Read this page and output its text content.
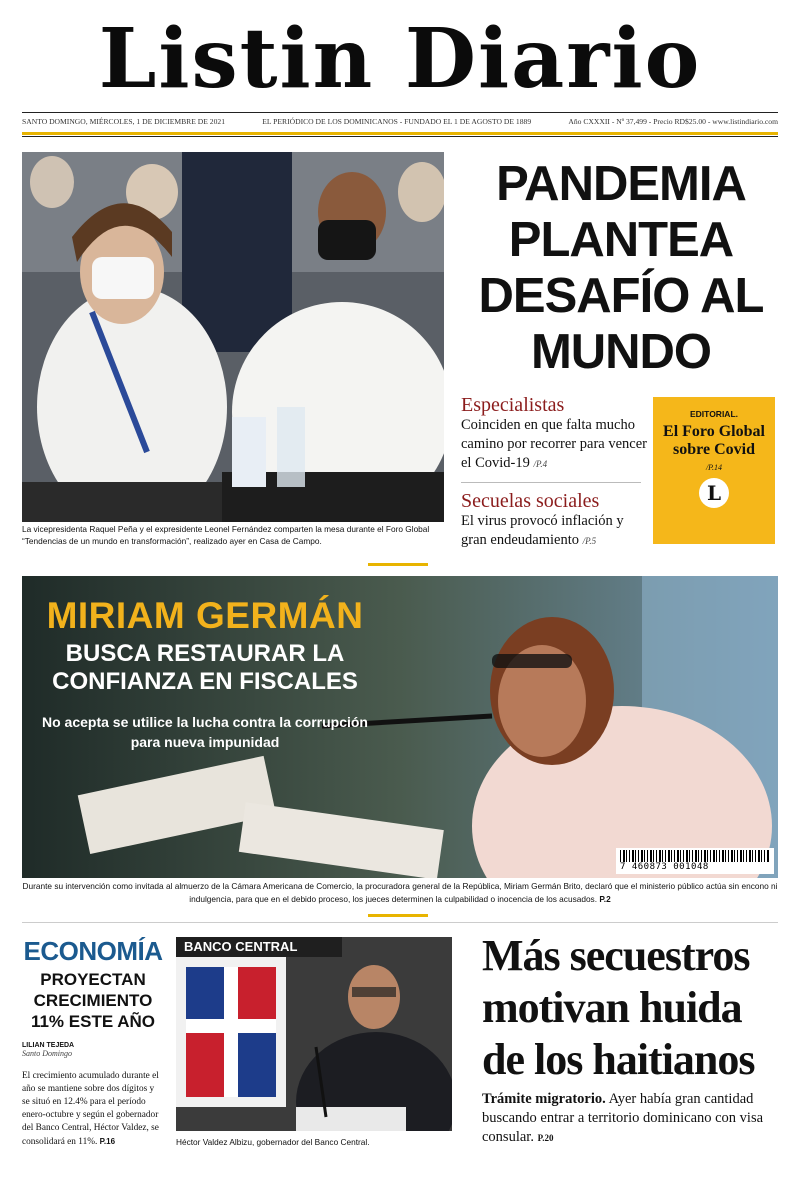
Listin Diario
SANTO DOMINGO, MIÉRCOLES, 1 DE DICIEMBRE DE 2021	EL PERIÓDICO DE LOS DOMINICANOS - FUNDADO EL 1 DE AGOSTO DE 1889	Año CXXXII - Nº 37,499 - Precio RD$25.00 - www.listindiario.com
La vicepresidenta Raquel Peña y el expresidente Leonel Fernández comparten la mesa durante el Foro Global “Tendencias de un mundo en transformación”, realizado ayer en Casa de Campo.
PANDEMIA PLANTEA DESAFÍO AL MUNDO
Especialistas
Coinciden en que falta mucho camino por recorrer para vencer el Covid-19 /P.4
Secuelas sociales
El virus provocó inflación y gran endeudamiento /P.5
EDITORIAL.
El Foro Global sobre Covid
/P.14
L
MIRIAM GERMÁN
BUSCA RESTAURAR LA CONFIANZA EN FISCALES
No acepta se utilice la lucha contra la corrupción para nueva impunidad
7 460873 001048
Durante su intervención como invitada al almuerzo de la Cámara Americana de Comercio, la procuradora general de la República, Miriam Germán Brito, declaró que el ministerio público actúa sin encono ni indulgencia, para que en el debido proceso, los jueces determinen la culpabilidad o inocencia de los acusados. P.2
ECONOMÍA
PROYECTAN CRECIMIENTO 11% ESTE AÑO
LILIAN TEJEDA
Santo Domingo
El crecimiento acumulado durante el año se mantiene sobre dos dígitos y se situó en 12.4% para el período enero-octubre y según el gobernador del Banco Central, Héctor Valdez, se consolidará en 11%. P.16
BANCO CENTRAL
Héctor Valdez Albizu, gobernador del Banco Central.
Más secuestros motivan huida de los haitianos
Trámite migratorio. Ayer había gran cantidad buscando entrar a territorio dominicano con visa consular. P.20
